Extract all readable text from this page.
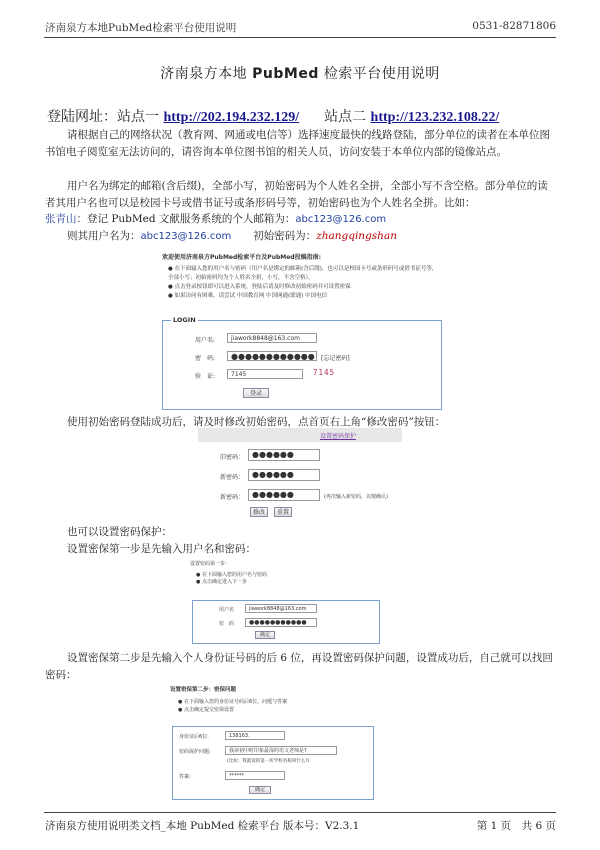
济南泉方本地PubMed检索平台使用说明	0531-82871806
济南泉方本地 PubMed 检索平台使用说明
登陆网址：站点一 http://202.194.232.129/ 站点二 http://123.232.108.22/
请根据自己的网络状况（教育网、网通或电信等）选择速度最快的线路登陆，部分单位的读者在本单位图书馆电子阅览室无法访问的，请咨询本单位图书馆的相关人员，访问安装于本单位内部的镜像站点。
用户名为绑定的邮箱(含后缀)，全部小写，初始密码为个人姓名全拼，全部小写不含空格。部分单位的读者其用户名也可以是校园卡号或借书证号或条形码号等，初始密码也为个人姓名全拼。比如：
张青山：登记 PubMed 文献服务系统的个人邮箱为：abc123@126.com
则其用户名为：abc123@126.com 初始密码为：zhangqingshan
欢迎使用济南泉方PubMed检索平台及PubMed投稿指南:
● 在下面输入您的用户名与密码（用户名是绑定的邮箱(含后缀)，也可以是校园卡号或条形码号或借书证号等，全部小写；初始密码均为个人姓名全拼，小写，不含空格）。
● 点击登录按钮即可以进入系统，登陆后请及时修改初始密码并可设置密保
● 如果访问有困难，请尝试 中国教育网 中国网通(联通) 中国电信
LOGIN
用户名:	jiawork8848@163.com
密　码:	●●●●●●●●●●●●	[忘记密码]
验　证:	7145	7145
登录
使用初始密码登陆成功后，请及时修改初始密码，点首页右上角“修改密码”按钮：
设置密码保护
旧密码： ●●●●●●
新密码： ●●●●●●
新密码： ●●●●●●	(再次输入新密码，以便确认)
修改	重置
也可以设置密码保护：
设置密保第一步是先输入用户名和密码：
设置密码第一步：
● 在下面输入您的用户名与密码
● 点击确定进入下一步
用户名	jiawork8848@163.com
密　码	●●●●●●●●●●●
确定
设置密保第二步是先输入个人身份证号码的后 6 位，再设置密码保护问题，设置成功后，自己就可以找回密码：
设置密保第二步：密保问题
● 在下面输入您的身份证号码后6位，问题与答案
● 点击确定提交密保设置
身份证后6位:	138163.
密码保护问题:	我读初中时印象最深的语文老师是?
(比如：我就读的第一所学校名称叫什么?)
答案:	******
确定
济南泉方使用说明类文档_本地 PubMed 检索平台 版本号：V2.3.1	第 1 页　共 6 页
